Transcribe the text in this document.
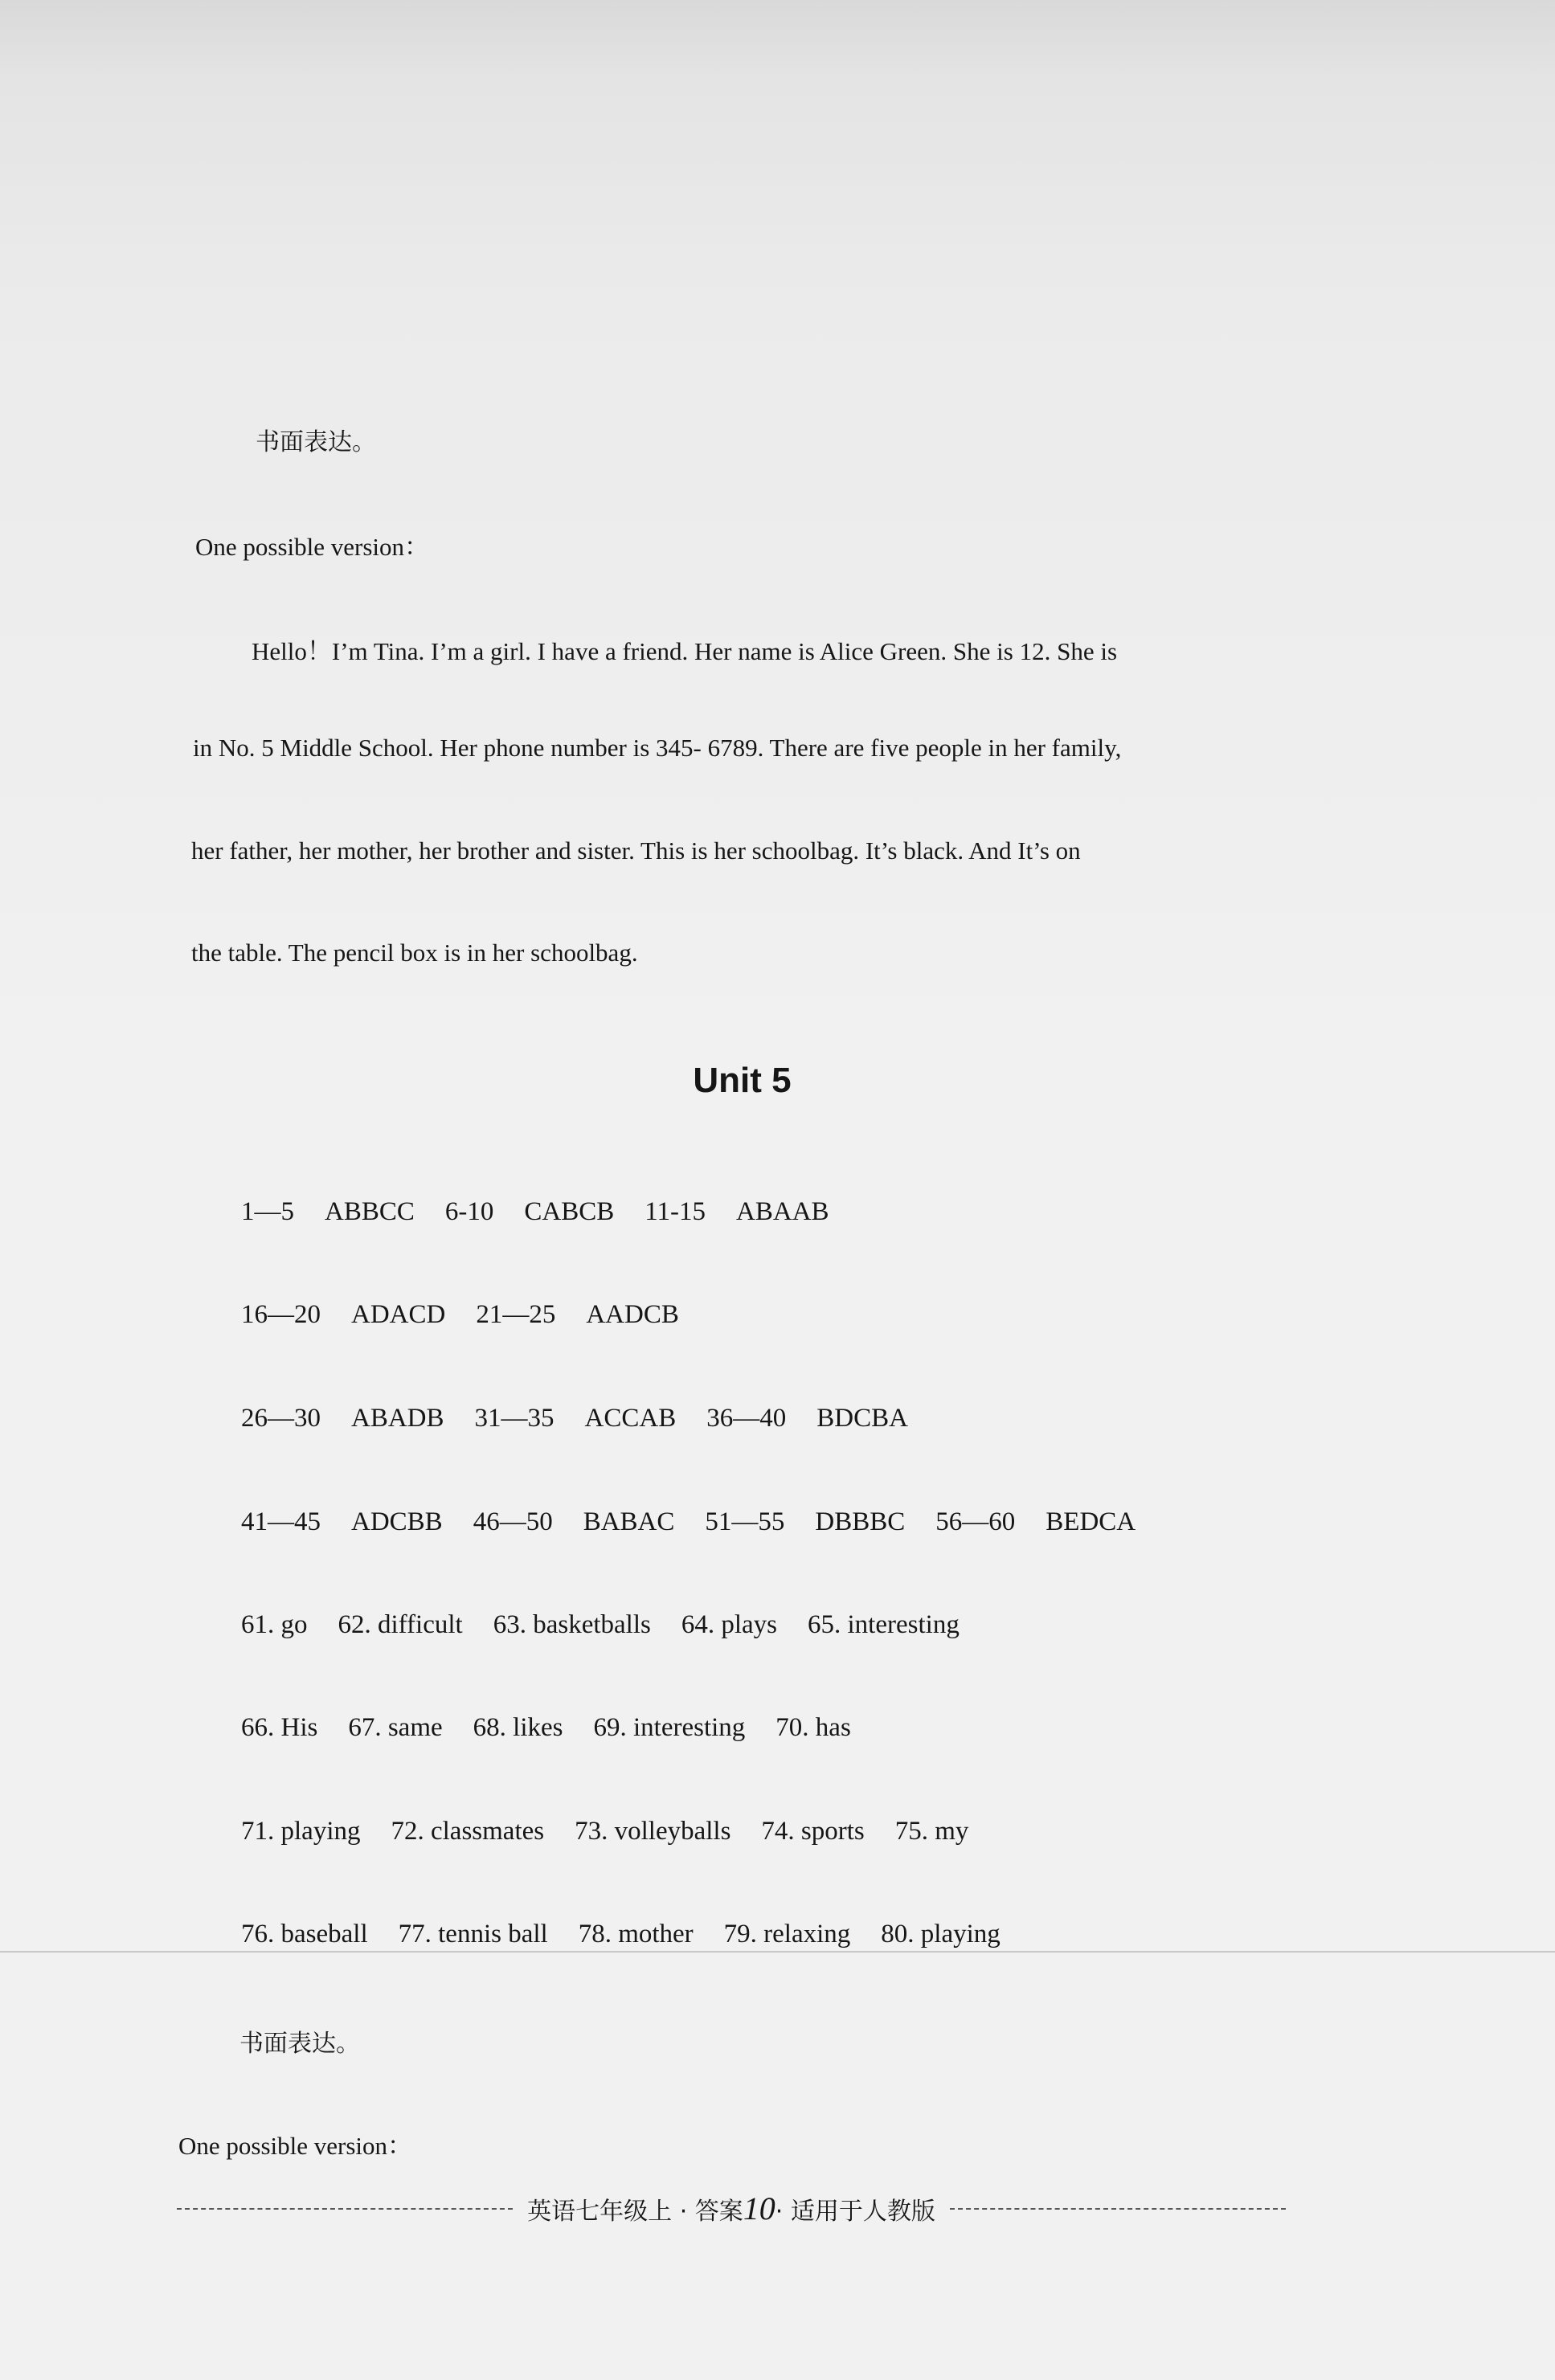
书面表达。
One possible version：
Hello！I’m Tina. I’m a girl. I have a friend. Her name is Alice Green. She is 12. She is
in No. 5 Middle School. Her phone number is 345- 6789. There are five people in her family,
her father, her mother, her brother and sister. This is her schoolbag. It’s black. And It’s on
the table. The pencil box is in her schoolbag.
Unit 5
1—5 ABBCC 6-10 CABCB 11-15 ABAAB
16—20 ADACD 21—25 AADCB
26—30 ABADB 31—35 ACCAB 36—40 BDCBA
41—45 ADCBB 46—50 BABAC 51—55 DBBBC 56—60 BEDCA
61. go 62. difficult 63. basketballs 64. plays 65. interesting
66. His 67. same 68. likes 69. interesting 70. has
71. playing 72. classmates 73. volleyballs 74. sports 75. my
76. baseball 77. tennis ball 78. mother 79. relaxing 80. playing
书面表达。
One possible version：
英语七年级上 · 答案10· 适用于人教版
